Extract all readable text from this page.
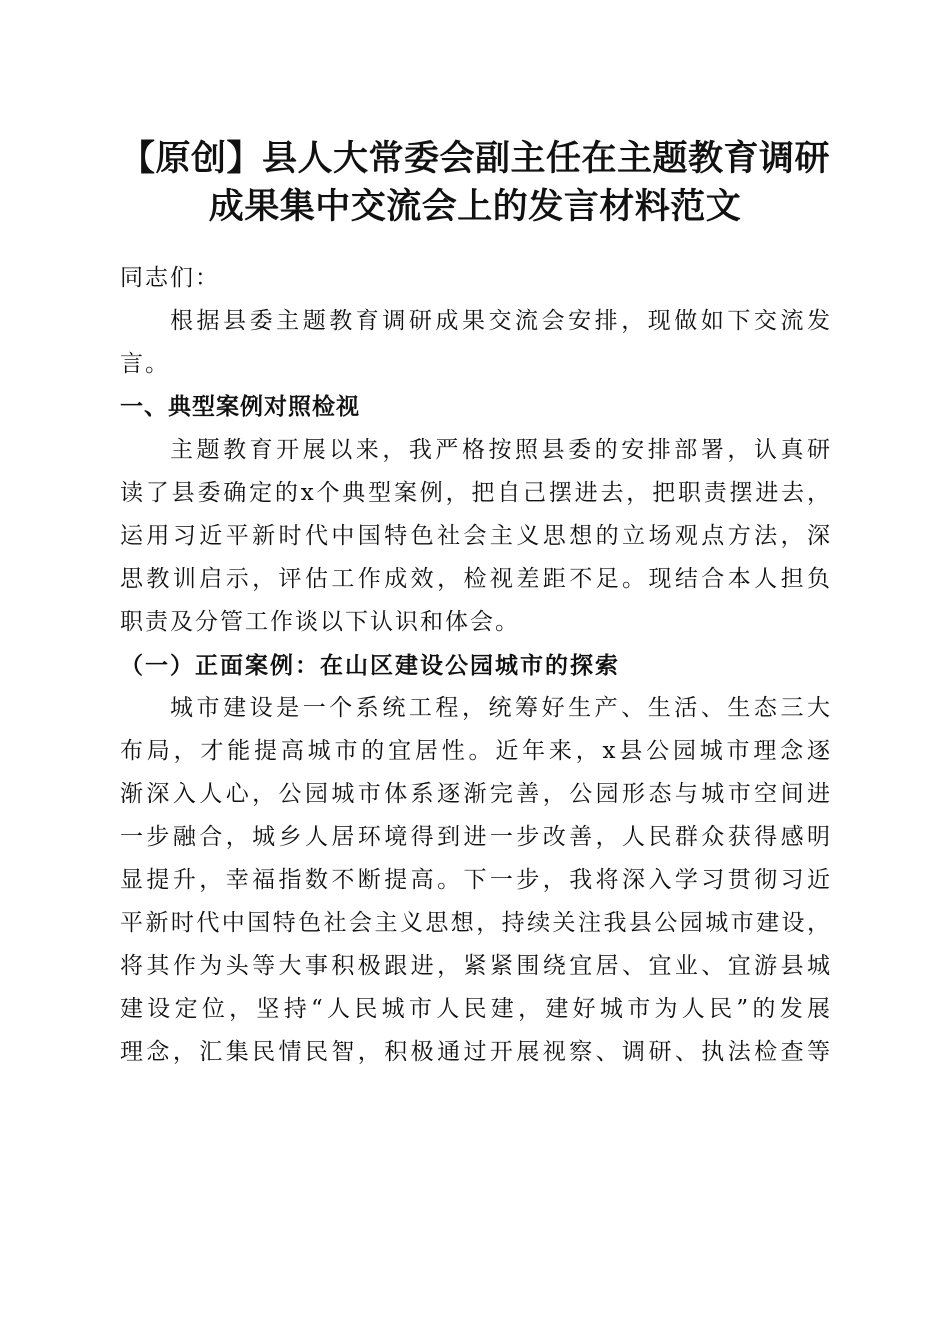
【原创】县人大常委会副主任在主题教育调研
成果集中交流会上的发言材料范文

同志们：

根据县委主题教育调研成果交流会安排，现做如下交流发
言。

一、典型案例对照检视

主题教育开展以来，我严格按照县委的安排部署，认真研
读了县委确定的x个典型案例，把自己摆进去，把职责摆进去，
运用习近平新时代中国特色社会主义思想的立场观点方法，深
思教训启示，评估工作成效，检视差距不足。现结合本人担负
职责及分管工作谈以下认识和体会。

（一）正面案例：在山区建设公园城市的探索

城市建设是一个系统工程，统筹好生产、生活、生态三大
布局，才能提高城市的宜居性。近年来，x县公园城市理念逐
渐深入人心，公园城市体系逐渐完善，公园形态与城市空间进
一步融合，城乡人居环境得到进一步改善，人民群众获得感明
显提升，幸福指数不断提高。下一步，我将深入学习贯彻习近
平新时代中国特色社会主义思想，持续关注我县公园城市建设，
将其作为头等大事积极跟进，紧紧围绕宜居、宜业、宜游县城
建设定位，坚持“人民城市人民建，建好城市为人民”的发展
理念，汇集民情民智，积极通过开展视察、调研、执法检查等
